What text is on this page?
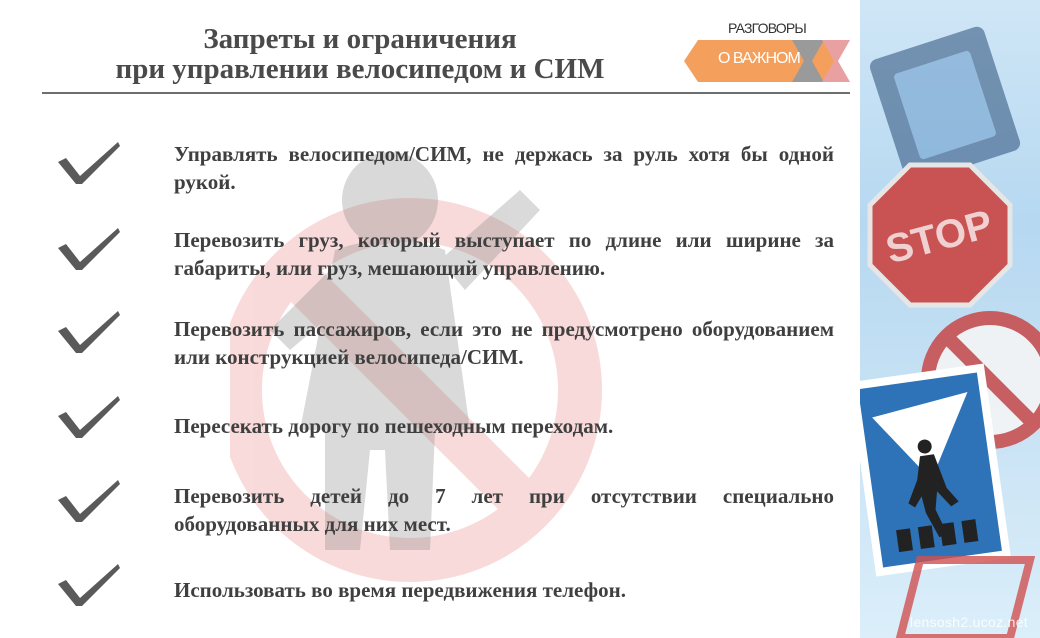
STOP
lensosh2.ucoz.net
Запреты и ограничения
при управлении велосипедом и СИМ
РАЗГОВОРЫ
О ВАЖНОМ

Управлять велосипедом/СИМ, не держась за руль хотя бы одной рукой.

Перевозить груз, который выступает по длине или ширине за габариты, или груз, мешающий управлению.

Перевозить пассажиров, если это не предусмотрено оборудованием или конструкцией велосипеда/СИМ.

Пересекать дорогу по пешеходным переходам.

Перевозить детей до 7 лет при отсутствии специально оборудованных для них мест.

Использовать во время передвижения телефон.
